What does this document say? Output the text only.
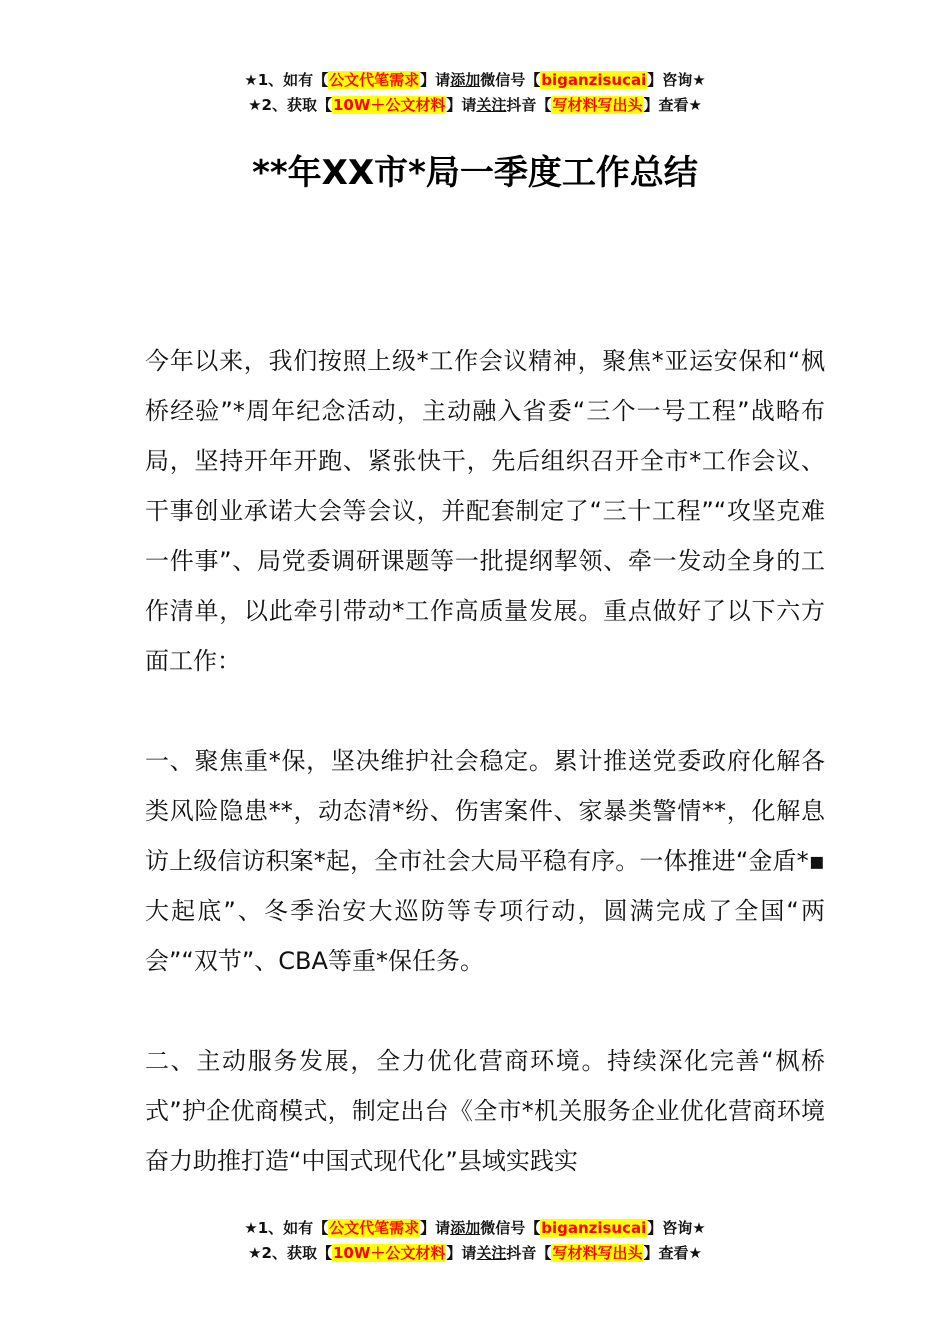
★1、如有【公文代笔需求】请添加微信号【biganzisucai】咨询★
★2、获取【10W＋公文材料】请关注抖音【写材料写出头】查看★
**年XX市*局一季度工作总结

今年以来，我们按照上级*工作会议精神，聚焦*亚运安保和“枫桥经验”*周年纪念活动，主动融入省委“三个一号工程”战略布局，坚持开年开跑、紧张快干，先后组织召开全市*工作会议、干事创业承诺大会等会议，并配套制定了“三十工程”“攻坚克难一件事”、局党委调研课题等一批提纲挈领、牵一发动全身的工作清单，以此牵引带动*工作高质量发展。重点做好了以下六方面工作：

一、聚焦重*保，坚决维护社会稳定。累计推送党委政府化解各类风险隐患**，动态清*纷、伤害案件、家暴类警情**，化解息访上级信访积案*起，全市社会大局平稳有序。一体推进“金盾*▪大起底”、冬季治安大巡防等专项行动，圆满完成了全国“两会”“双节”、CBA等重*保任务。

二、主动服务发展，全力优化营商环境。持续深化完善“枫桥式”护企优商模式，制定出台《全市*机关服务企业优化营商环境奋力助推打造“中国式现代化”县域实践实

★1、如有【公文代笔需求】请添加微信号【biganzisucai】咨询★
★2、获取【10W＋公文材料】请关注抖音【写材料写出头】查看★
